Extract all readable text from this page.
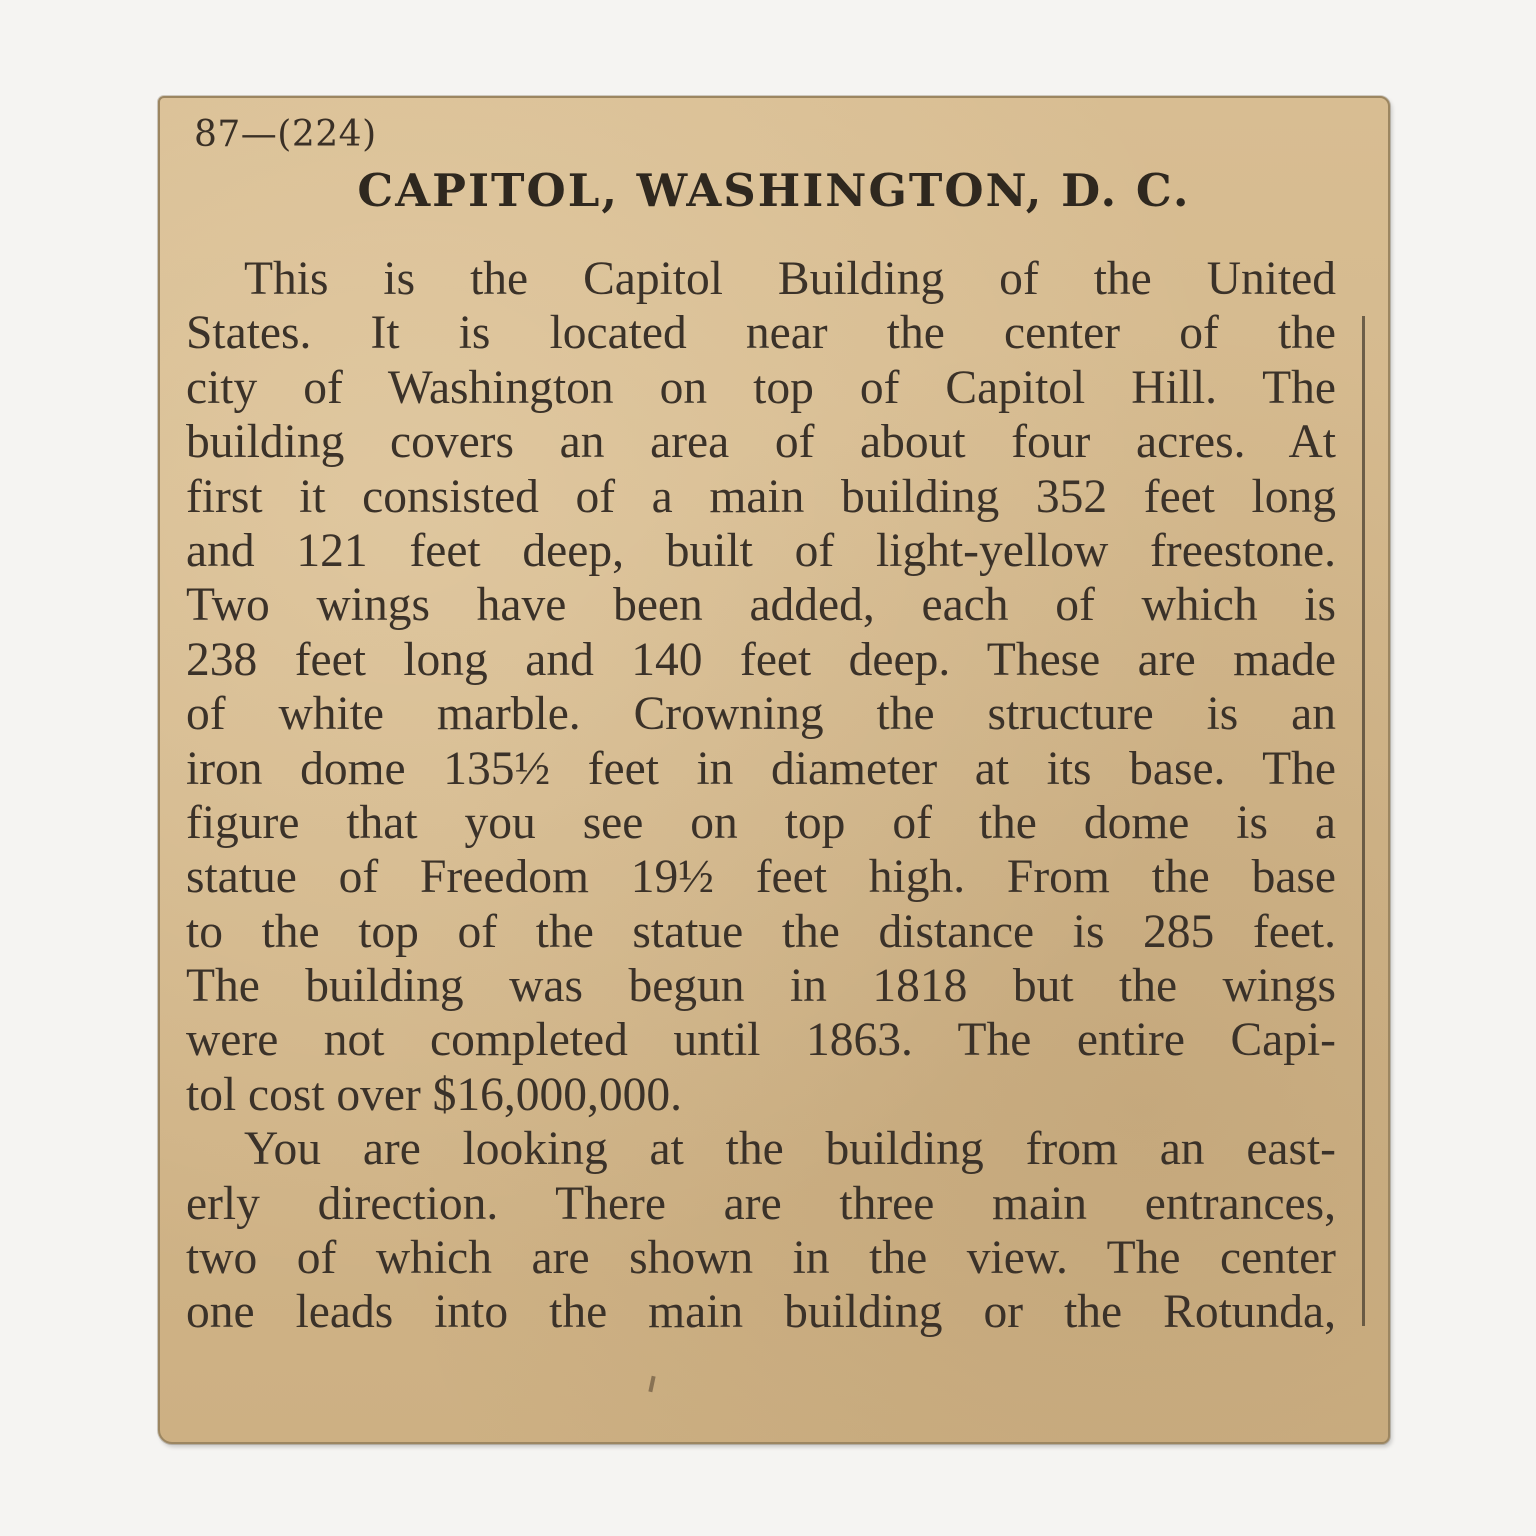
87—(224)
CAPITOL, WASHINGTON, D. C.
This is the Capitol Building of the United
States. It is located near the center of the
city of Washington on top of Capitol Hill. The
building covers an area of about four acres. At
first it consisted of a main building 352 feet long
and 121 feet deep, built of light-yellow freestone.
Two wings have been added, each of which is
238 feet long and 140 feet deep. These are made
of white marble. Crowning the structure is an
iron dome 135½ feet in diameter at its base. The
figure that you see on top of the dome is a
statue of Freedom 19½ feet high. From the base
to the top of the statue the distance is 285 feet.
The building was begun in 1818 but the wings
were not completed until 1863. The entire Capi-
tol cost over $16,000,000.
You are looking at the building from an east-
erly direction. There are three main entrances,
two of which are shown in the view. The center
one leads into the main building or the Rotunda,
